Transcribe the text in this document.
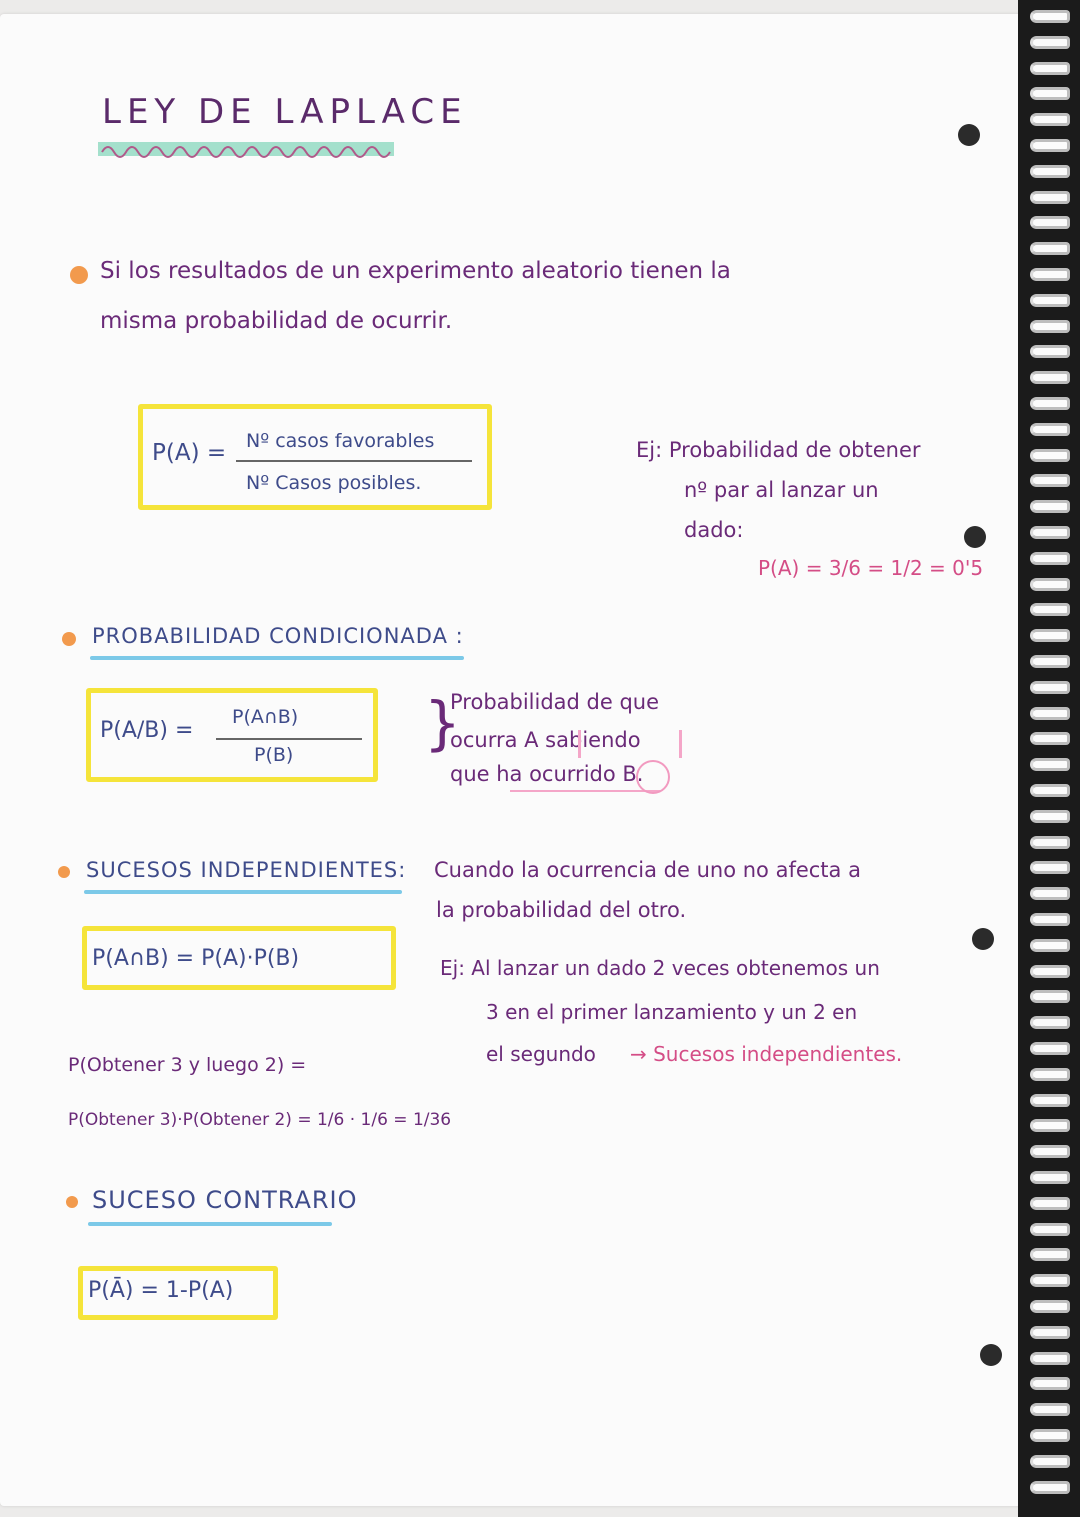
LEY DE LAPLACE
Si los resultados de un experimento aleatorio tienen la
misma probabilidad de ocurrir.
P(A) = Nº casos favorables
Nº Casos posibles.
Ej: Probabilidad de obtener
nº par al lanzar un
dado:
P(A) = 3/6 = 1/2 = 0'5
PROBABILIDAD CONDICIONADA :
P(A/B) =
P(A∩B)
P(B) }
Probabilidad de que
ocurra A sabiendo
que ha ocurrido B.
SUCESOS INDEPENDIENTES: Cuando la ocurrencia de uno no afecta a
la probabilidad del otro.
P(A∩B) = P(A)·P(B)	Ej: Al lanzar un dado 2 veces obtenemos un
3 en el primer lanzamiento y un 2 en
el segundo → Sucesos independientes.
P(Obtener 3 y luego 2) =
P(Obtener 3)·P(Obtener 2) = 1/6 · 1/6 = 1/36
SUCESO CONTRARIO
P(Ā) = 1-P(A)
